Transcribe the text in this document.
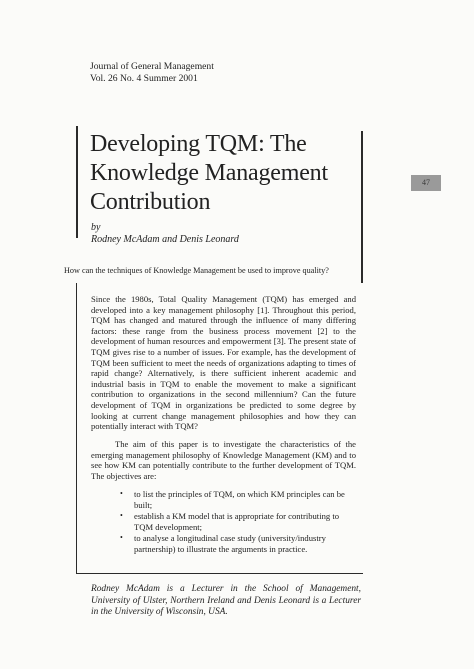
Journal of General Management
Vol. 26 No. 4 Summer 2001
Developing TQM: The
Knowledge Management
Contribution
47
by
Rodney McAdam and Denis Leonard
How can the techniques of Knowledge Management be used to improve quality?

Since the 1980s, Total Quality Management (TQM) has emerged and developed into a key management philosophy [1]. Throughout this period, TQM has changed and matured through the influence of many differing factors: these range from the business process movement [2] to the development of human resources and empowerment [3]. The present state of TQM gives rise to a number of issues. For example, has the development of TQM been sufficient to meet the needs of organizations adapting to times of rapid change? Alternatively, is there sufficient inherent academic and industrial basis in TQM to enable the movement to make a significant contribution to organizations in the second millennium? Can the future development of TQM in organizations be predicted to some degree by looking at current change management philosophies and how they can potentially interact with TQM?

The aim of this paper is to investigate the characteristics of the emerging management philosophy of Knowledge Management (KM) and to see how KM can potentially contribute to the further development of TQM. The objectives are:

• to list the principles of TQM, on which KM principles can be built;
• establish a KM model that is appropriate for contributing to TQM development;
• to analyse a longitudinal case study (university/industry partnership) to illustrate the arguments in practice.

Rodney McAdam is a Lecturer in the School of Management, University of Ulster, Northern Ireland and Denis Leonard is a Lecturer in the University of Wisconsin, USA.
